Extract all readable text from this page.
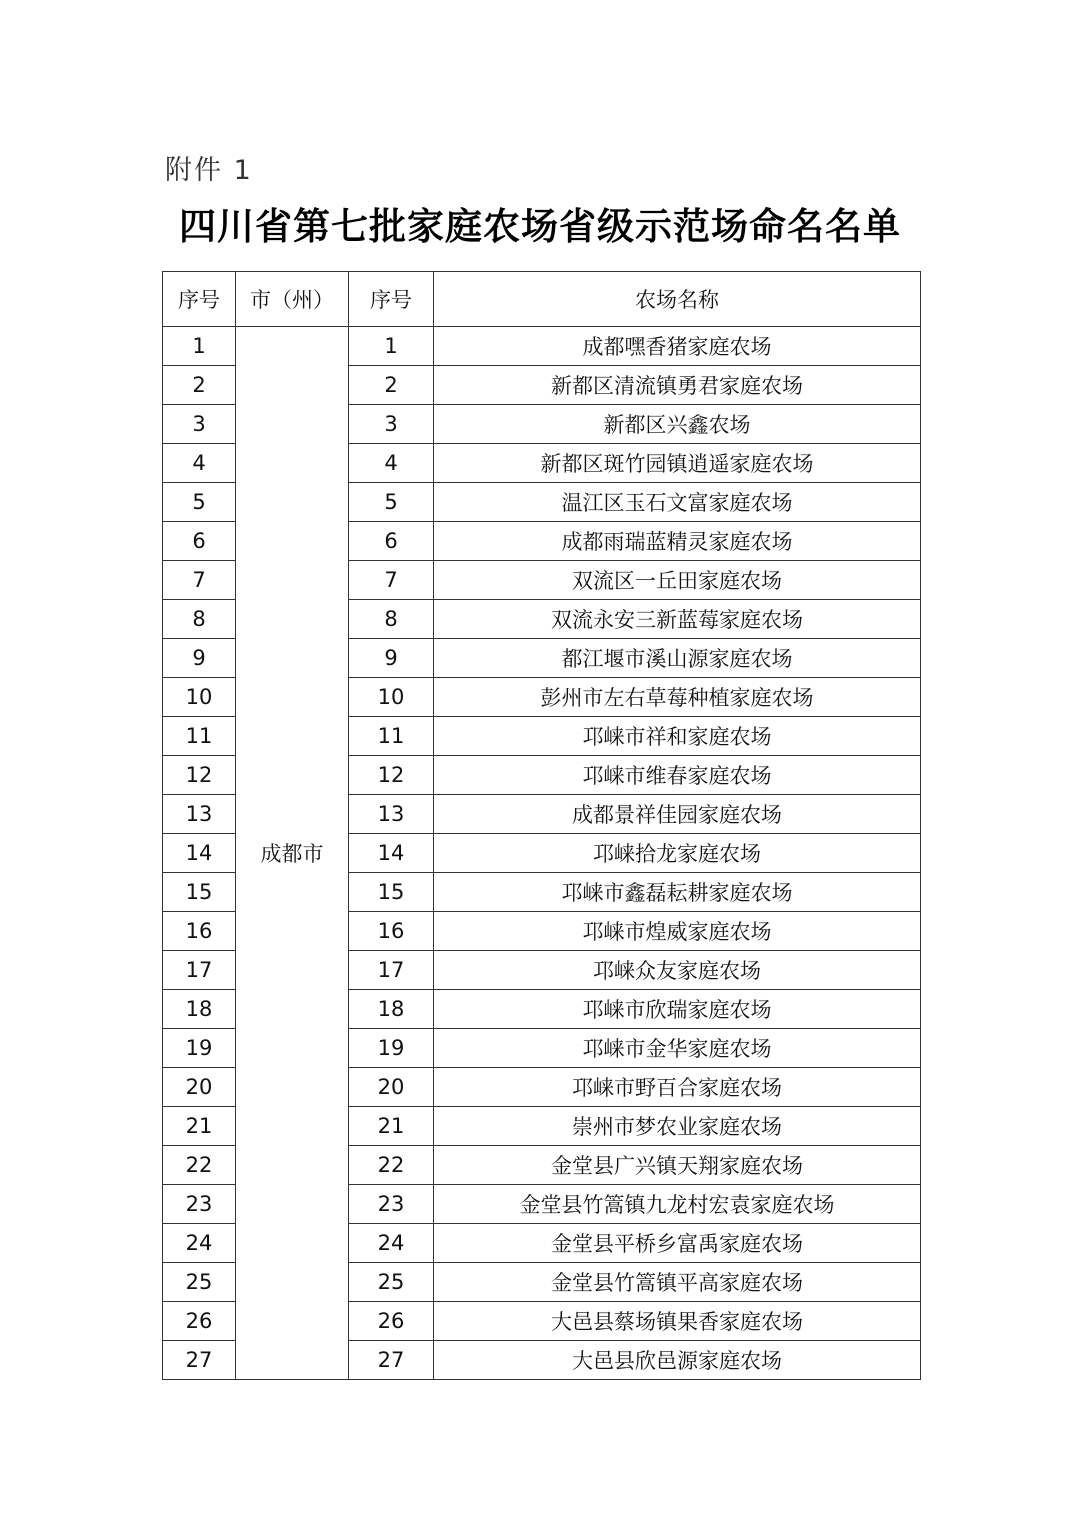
附件 1
四川省第七批家庭农场省级示范场命名名单
序号	市（州）	序号	农场名称
1	成都市	1	成都嘿香猪家庭农场
2		2	新都区清流镇勇君家庭农场
3		3	新都区兴鑫农场
4		4	新都区斑竹园镇逍遥家庭农场
5		5	温江区玉石文富家庭农场
6		6	成都雨瑞蓝精灵家庭农场
7		7	双流区一丘田家庭农场
8		8	双流永安三新蓝莓家庭农场
9		9	都江堰市溪山源家庭农场
10		10	彭州市左右草莓种植家庭农场
11		11	邛崃市祥和家庭农场
12		12	邛崃市维春家庭农场
13		13	成都景祥佳园家庭农场
14		14	邛崃拾龙家庭农场
15		15	邛崃市鑫磊耘耕家庭农场
16		16	邛崃市煌威家庭农场
17		17	邛崃众友家庭农场
18		18	邛崃市欣瑞家庭农场
19		19	邛崃市金华家庭农场
20		20	邛崃市野百合家庭农场
21		21	崇州市梦农业家庭农场
22		22	金堂县广兴镇天翔家庭农场
23		23	金堂县竹篙镇九龙村宏袁家庭农场
24		24	金堂县平桥乡富禹家庭农场
25		25	金堂县竹篙镇平高家庭农场
26		26	大邑县蔡场镇果香家庭农场
27		27	大邑县欣邑源家庭农场
